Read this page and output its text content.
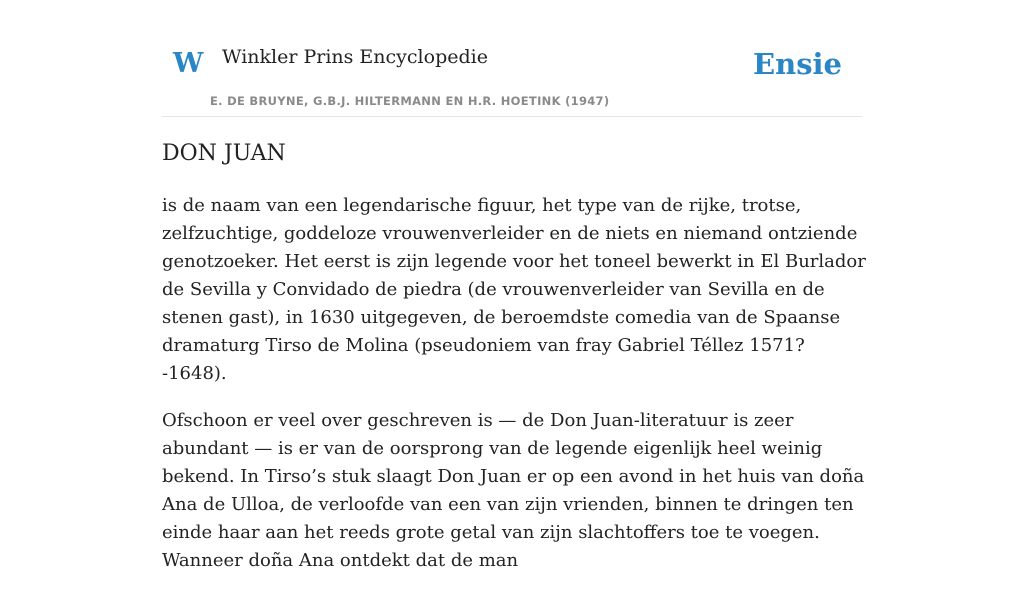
W Winkler Prins Encyclopedie
E. DE BRUYNE, G.B.J. HILTERMANN EN H.R. HOETINK (1947)
Ensie
DON JUAN

is de naam van een legendarische figuur, het type van de rijke, trotse, zelfzuchtige, goddeloze vrouwenverleider en de niets en niemand ontziende genotzoeker. Het eerst is zijn legende voor het toneel bewerkt in El Burlador de Sevilla y Convidado de piedra (de vrouwenverleider van Sevilla en de stenen gast), in 1630 uitgegeven, de beroemdste comedia van de Spaanse dramaturg Tirso de Molina (pseudoniem van fray Gabriel Téllez 1571?-1648).

Ofschoon er veel over geschreven is — de Don Juan-literatuur is zeer abundant — is er van de oorsprong van de legende eigenlijk heel weinig bekend. In Tirso’s stuk slaagt Don Juan er op een avond in het huis van doña Ana de Ulloa, de verloofde van een van zijn vrienden, binnen te dringen ten einde haar aan het reeds grote getal van zijn slachtoffers toe te voegen. Wanneer doña Ana ontdekt dat de man
